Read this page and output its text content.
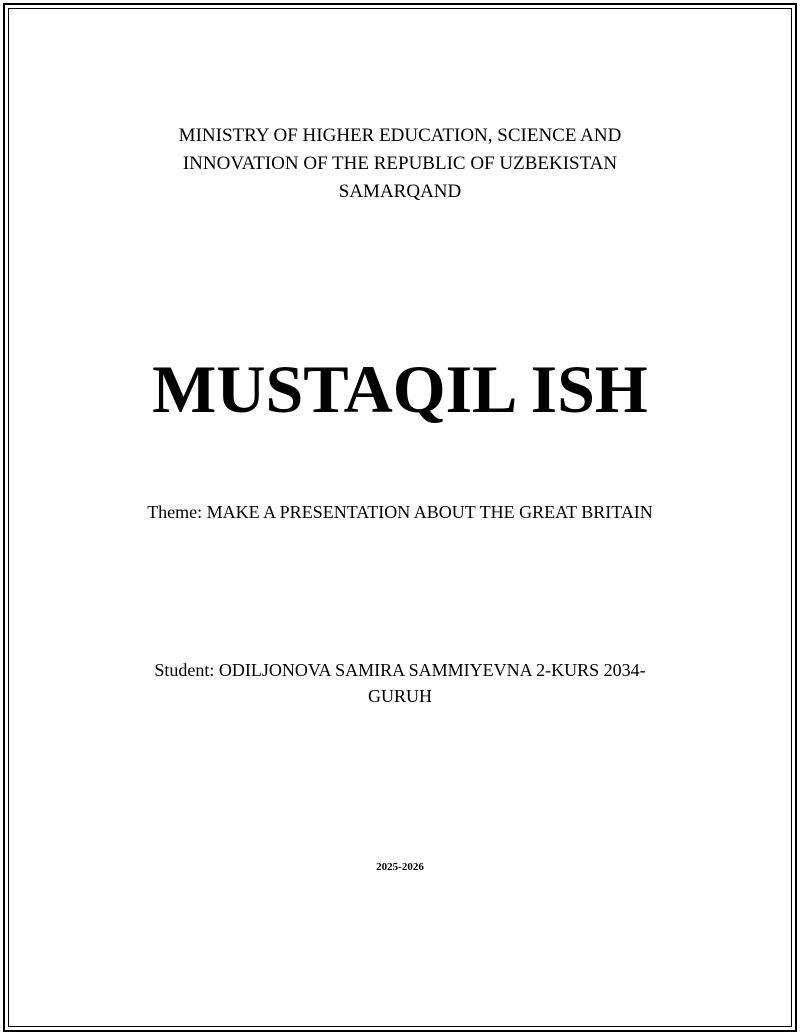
MINISTRY OF HIGHER EDUCATION, SCIENCE AND
INNOVATION OF THE REPUBLIC OF UZBEKISTAN
SAMARQAND
MUSTAQIL ISH
Theme: MAKE A PRESENTATION ABOUT THE GREAT BRITAIN
Student: ODILJONOVA SAMIRA SAMMIYEVNA 2-KURS 2034-
GURUH
2025-2026
